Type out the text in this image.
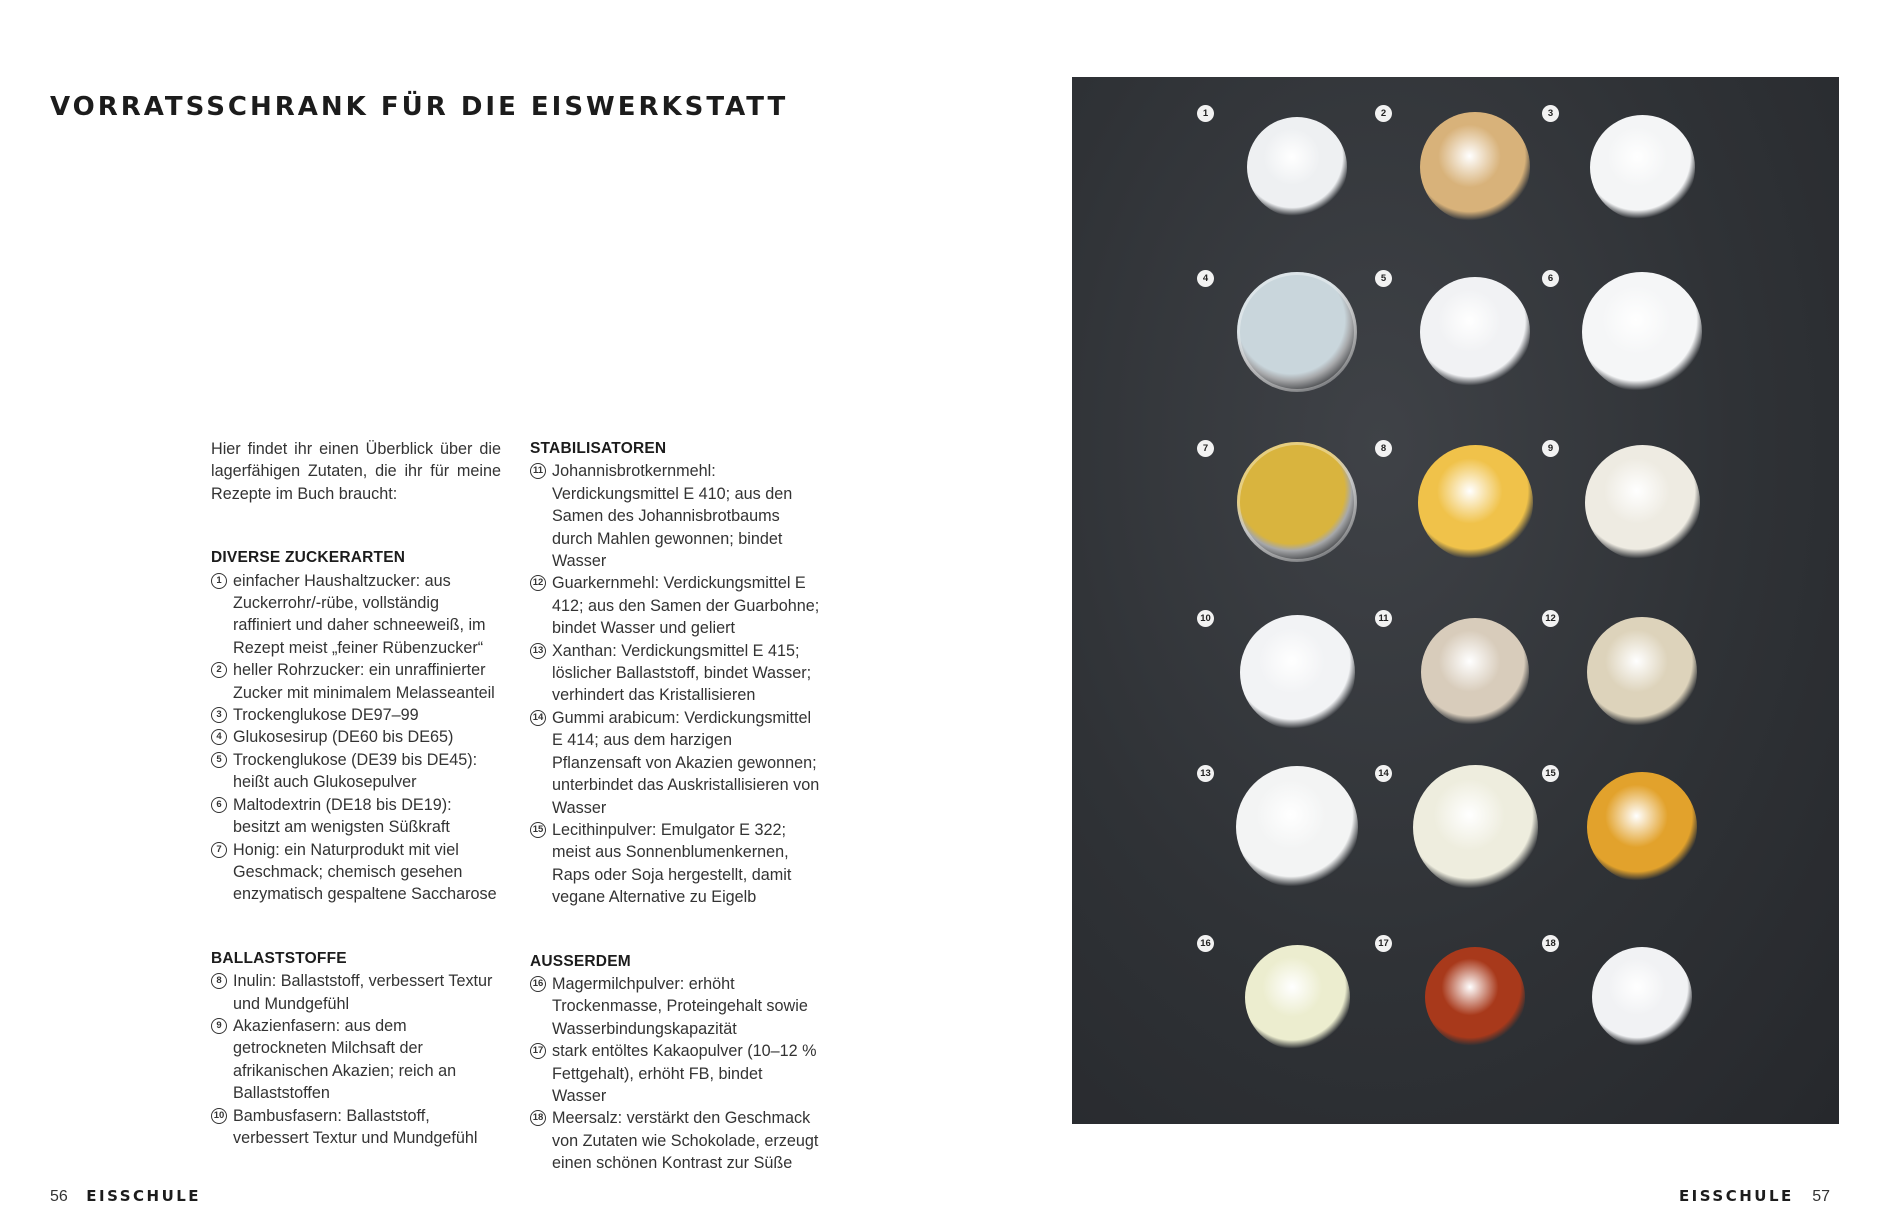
VORRATSSCHRANK FÜR DIE EISWERKSTATT

Hier findet ihr einen Überblick über die lagerfähigen Zutaten, die ihr für meine Rezepte im Buch braucht:

DIVERSE ZUCKERARTEN
1 einfacher Haushaltzucker: aus Zuckerrohr/-rübe, vollständig raffiniert und daher schneeweiß, im Rezept meist „feiner Rübenzucker“
2 heller Rohrzucker: ein unraffinierter Zucker mit minimalem Melasseanteil
3 Trockenglukose DE97–99
4 Glukosesirup (DE60 bis DE65)
5 Trockenglukose (DE39 bis DE45): heißt auch Glukosepulver
6 Maltodextrin (DE18 bis DE19): besitzt am wenigsten Süßkraft
7 Honig: ein Naturprodukt mit viel Geschmack; chemisch gesehen enzymatisch gespaltene Saccharose
BALLASTSTOFFE
8 Inulin: Ballaststoff, verbessert Textur und Mundgefühl
9 Akazienfasern: aus dem getrockneten Milchsaft der afrikanischen Akazien; reich an Ballaststoffen
10 Bambusfasern: Ballaststoff, verbessert Textur und Mundgefühl
STABILISATOREN
11 Johannisbrotkernmehl: Verdickungsmittel E 410; aus den Samen des Johannisbrotbaums durch Mahlen gewonnen; bindet Wasser
12 Guarkernmehl: Verdickungsmittel E 412; aus den Samen der Guarbohne; bindet Wasser und geliert
13 Xanthan: Verdickungsmittel E 415; löslicher Ballaststoff, bindet Wasser; verhindert das Kristallisieren
14 Gummi arabicum: Verdickungsmittel E 414; aus dem harzigen Pflanzensaft von Akazien gewonnen; unterbindet das Auskristallisieren von Wasser
15 Lecithinpulver: Emulgator E 322; meist aus Sonnenblumenkernen, Raps oder Soja hergestellt, damit vegane Alternative zu Eigelb
AUSSERDEM
16 Magermilchpulver: erhöht Trockenmasse, Proteingehalt sowie Wasserbindungskapazität
17 stark entöltes Kakaopulver (10–12 % Fettgehalt), erhöht FB, bindet Wasser
18 Meersalz: verstärkt den Geschmack von Zutaten wie Schokolade, erzeugt einen schönen Kontrast zur Süße
1	2	3
4	5	6
7	8	9
10	11	12
13	14	15
16	17	18
56 EISSCHULE	EISSCHULE 57
